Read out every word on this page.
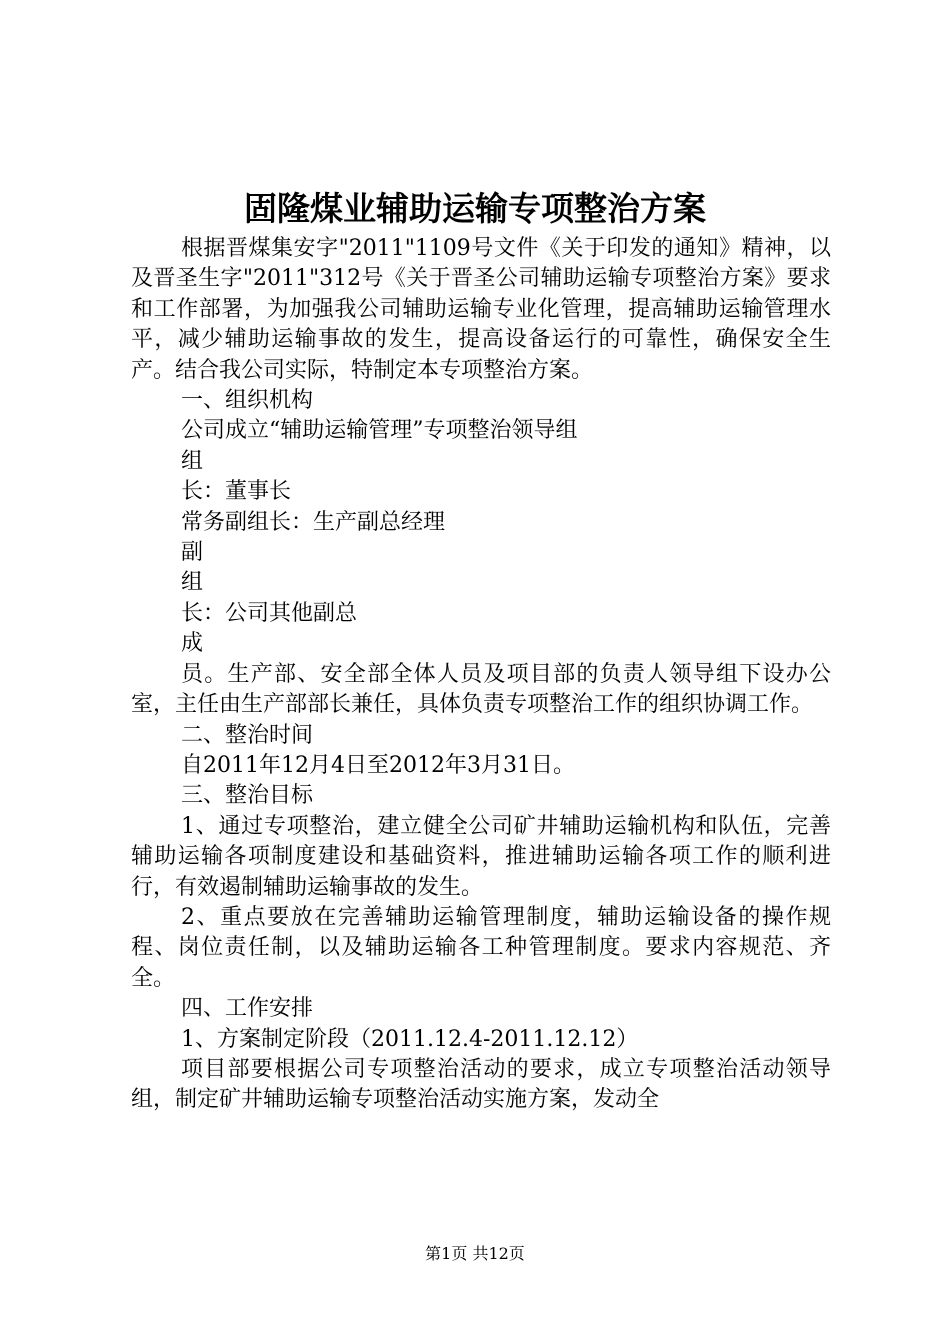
固隆煤业辅助运输专项整治方案

根据晋煤集安字"2011"1109号文件《关于印发的通知》精神，以及晋圣生字"2011"312号《关于晋圣公司辅助运输专项整治方案》要求和工作部署，为加强我公司辅助运输专业化管理，提高辅助运输管理水平，减少辅助运输事故的发生，提高设备运行的可靠性，确保安全生产。结合我公司实际，特制定本专项整治方案。

一、组织机构

公司成立“辅助运输管理”专项整治领导组

组

长：董事长

常务副组长：生产副总经理

副

组

长：公司其他副总

成

员。生产部、安全部全体人员及项目部的负责人领导组下设办公室，主任由生产部部长兼任，具体负责专项整治工作的组织协调工作。

二、整治时间

自2011年12月4日至2012年3月31日。

三、整治目标

1、通过专项整治，建立健全公司矿井辅助运输机构和队伍，完善辅助运输各项制度建设和基础资料，推进辅助运输各项工作的顺利进行，有效遏制辅助运输事故的发生。

2、重点要放在完善辅助运输管理制度，辅助运输设备的操作规程、岗位责任制，以及辅助运输各工种管理制度。要求内容规范、齐全。

四、工作安排

1、方案制定阶段（2011.12.4-2011.12.12）

项目部要根据公司专项整治活动的要求，成立专项整治活动领导组，制定矿井辅助运输专项整治活动实施方案，发动全

第1页 共12页
